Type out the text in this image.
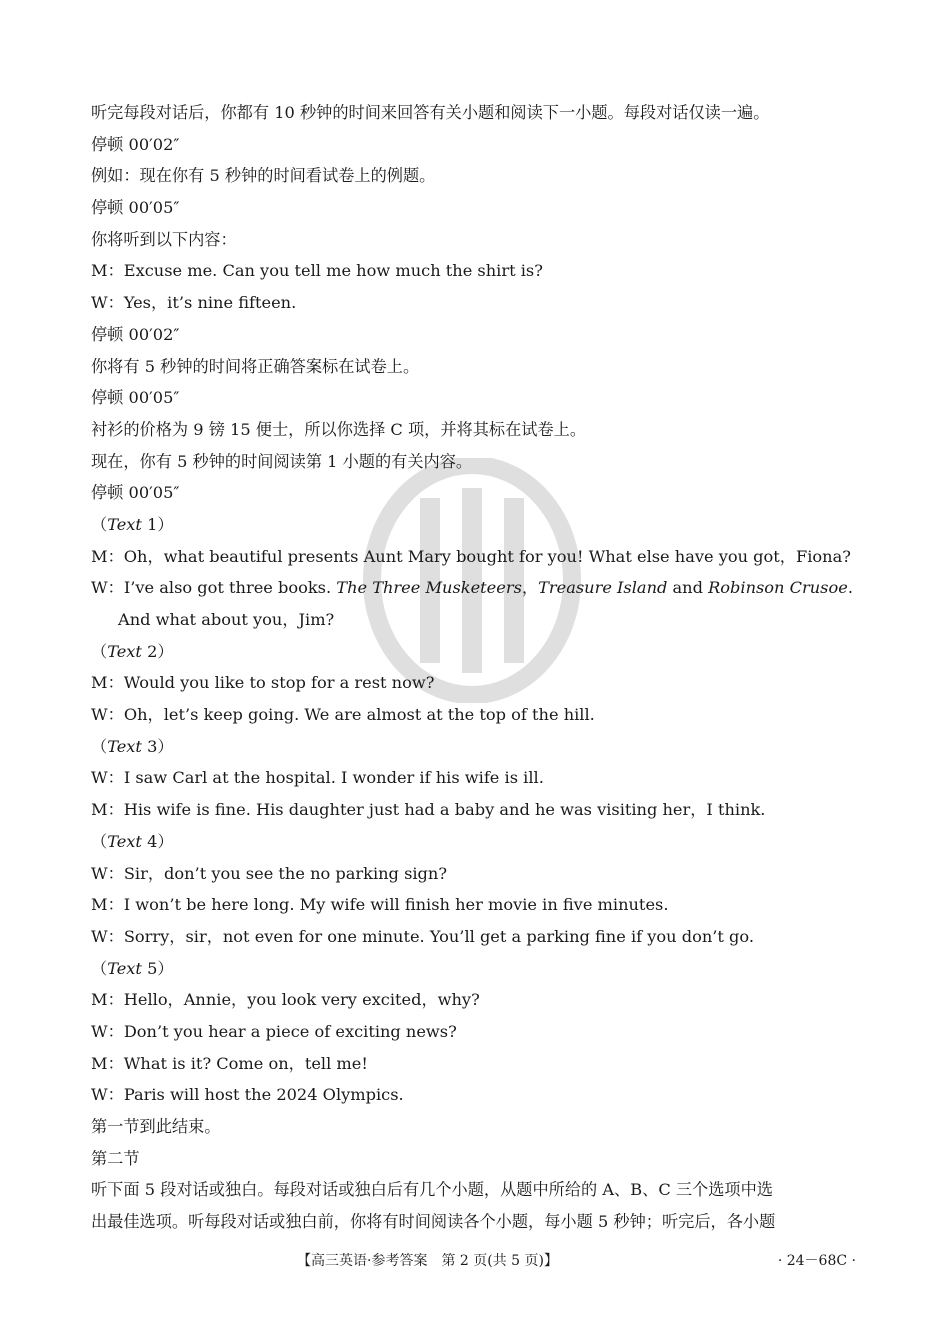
听完每段对话后，你都有 10 秒钟的时间来回答有关小题和阅读下一小题。每段对话仅读一遍。
停顿 00′02″
例如：现在你有 5 秒钟的时间看试卷上的例题。
停顿 00′05″
你将听到以下内容：
M：Excuse me. Can you tell me how much the shirt is?
W：Yes，it’s nine fifteen.
停顿 00′02″
你将有 5 秒钟的时间将正确答案标在试卷上。
停顿 00′05″
衬衫的价格为 9 镑 15 便士，所以你选择 C 项，并将其标在试卷上。
现在，你有 5 秒钟的时间阅读第 1 小题的有关内容。
停顿 00′05″
（Text 1）
M：Oh，what beautiful presents Aunt Mary bought for you! What else have you got，Fiona?
W：I’ve also got three books. The Three Musketeers，Treasure Island and Robinson Crusoe.
And what about you，Jim?
（Text 2）
M：Would you like to stop for a rest now?
W：Oh，let’s keep going. We are almost at the top of the hill.
（Text 3）
W：I saw Carl at the hospital. I wonder if his wife is ill.
M：His wife is fine. His daughter just had a baby and he was visiting her，I think.
（Text 4）
W：Sir，don’t you see the no parking sign?
M：I won’t be here long. My wife will finish her movie in five minutes.
W：Sorry，sir，not even for one minute. You’ll get a parking fine if you don’t go.
（Text 5）
M：Hello，Annie，you look very excited，why?
W：Don’t you hear a piece of exciting news?
M：What is it? Come on，tell me!
W：Paris will host the 2024 Olympics.
第一节到此结束。
第二节
听下面 5 段对话或独白。每段对话或独白后有几个小题，从题中所给的 A、B、C 三个选项中选
出最佳选项。听每段对话或独白前，你将有时间阅读各个小题，每小题 5 秒钟；听完后，各小题
【高三英语·参考答案　第 2 页(共 5 页)】	· 24－68C ·
